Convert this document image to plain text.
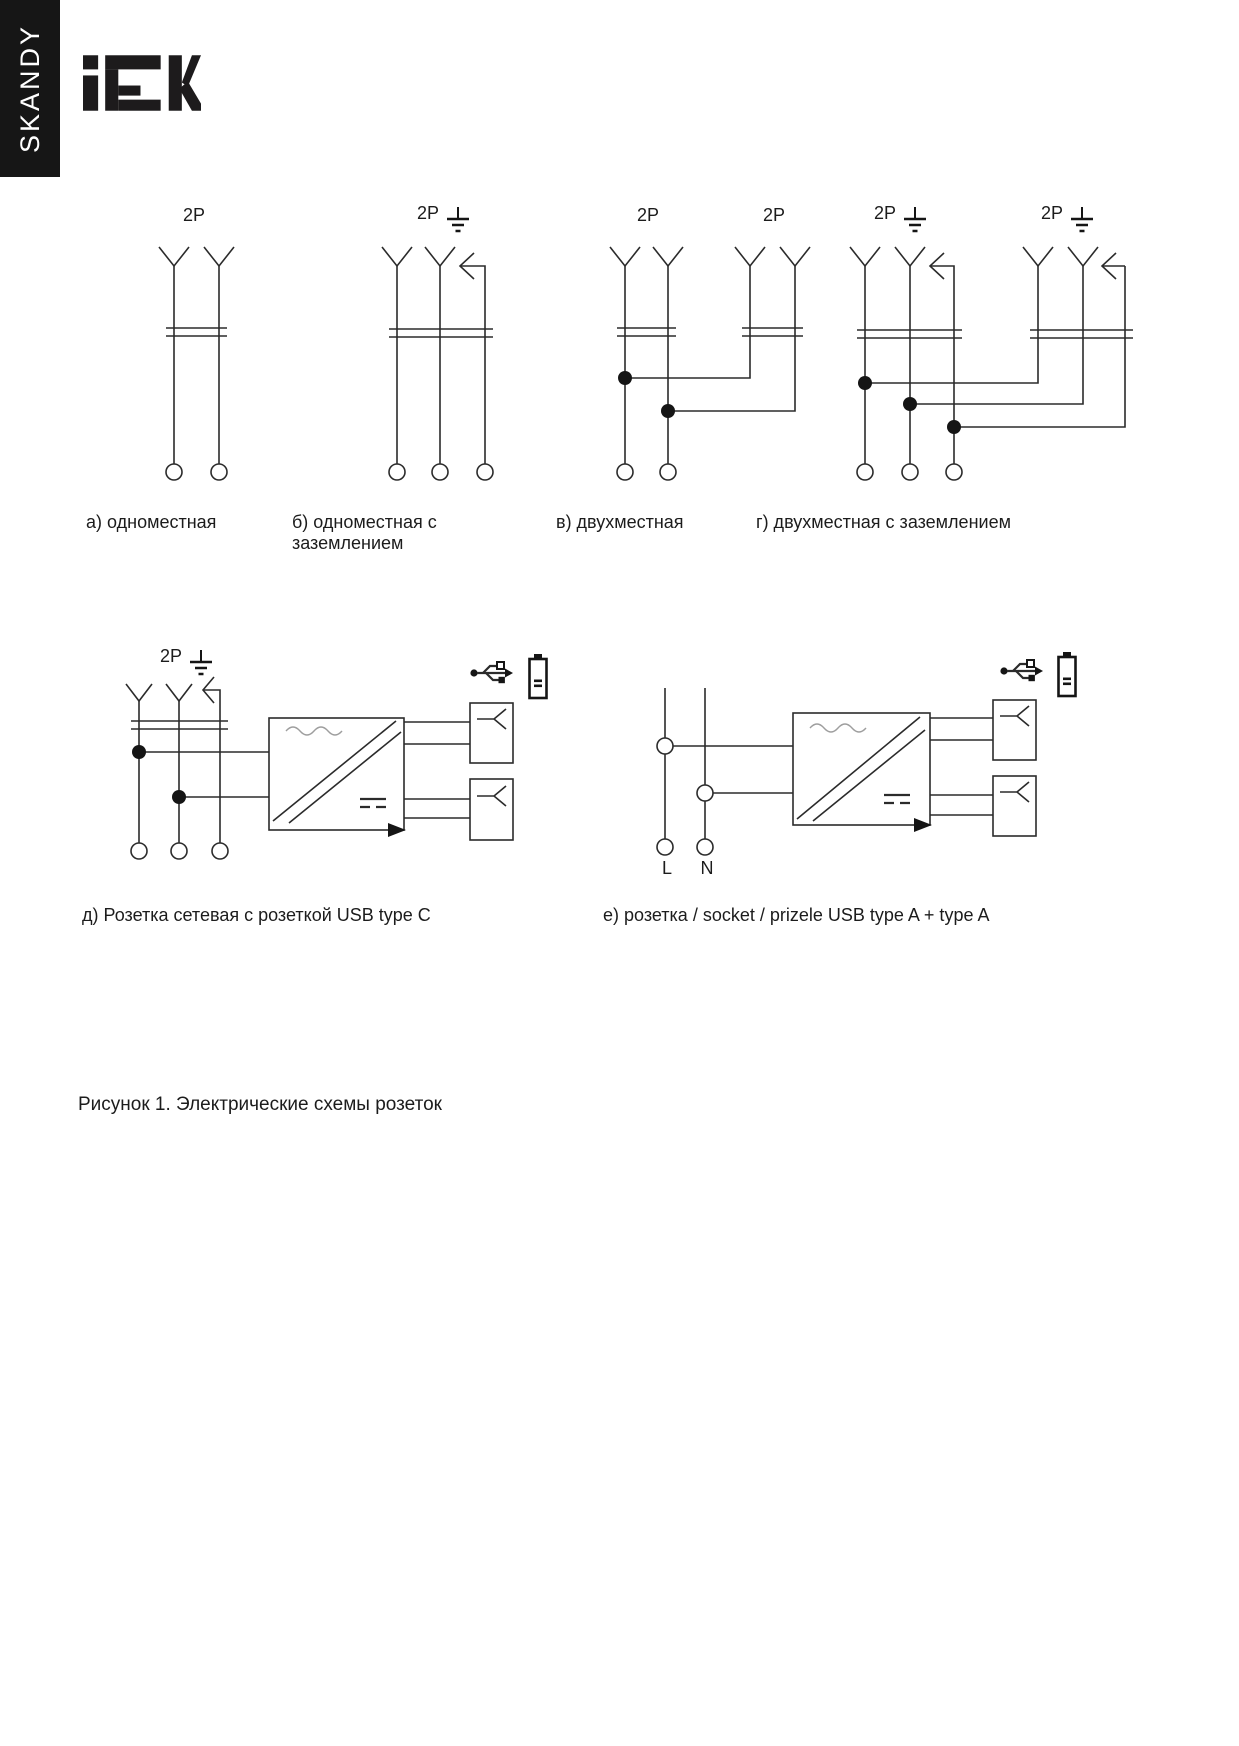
SKANDY
2P	2P	2P	2P	2P	2P
2P
а) одноместная	б) одноместная с заземлением
в) двухместная	г) двухместная с заземлением
д) Розетка сетевая с розеткой USB type C	е) розетка / socket / prizele USB type A + type A
L N
Рисунок 1. Электрические схемы розеток
